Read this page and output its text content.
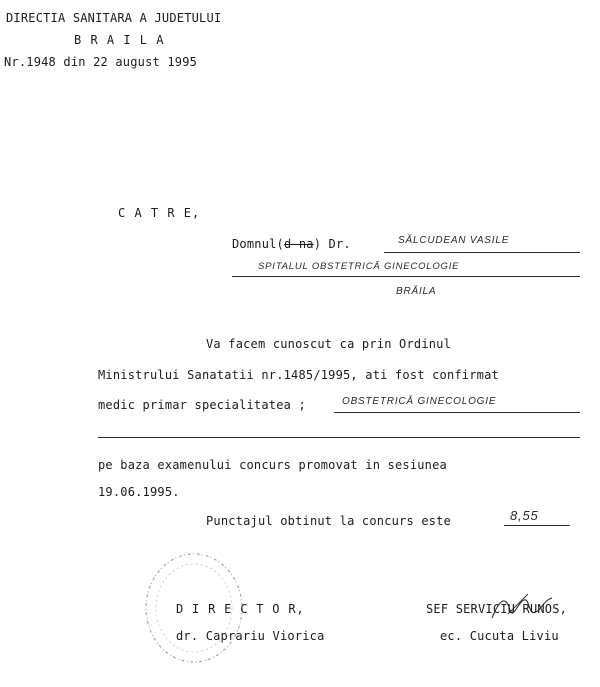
DIRECTIA SANITARA A JUDETULUI
B R A I L A
Nr.1948 din 22 august 1995
C A T R E,
Domnul(d-na) Dr.	SĂLCUDEAN VASILE
SPITALUL OBSTETRICĂ GINECOLOGIE
BRĂILA
Va facem cunoscut ca prin Ordinul
Ministrului Sanatatii nr.1485/1995, ati fost confirmat
medic primar specialitatea ;	OBSTETRICĂ GINECOLOGIE
pe baza examenului concurs promovat in sesiunea
19.06.1995.
Punctajul obtinut la concurs este	8,55
D I R E C T O R,
dr. Caprariu Viorica
SEF SERVICIU RUNOS,
ec. Cucuta Liviu
